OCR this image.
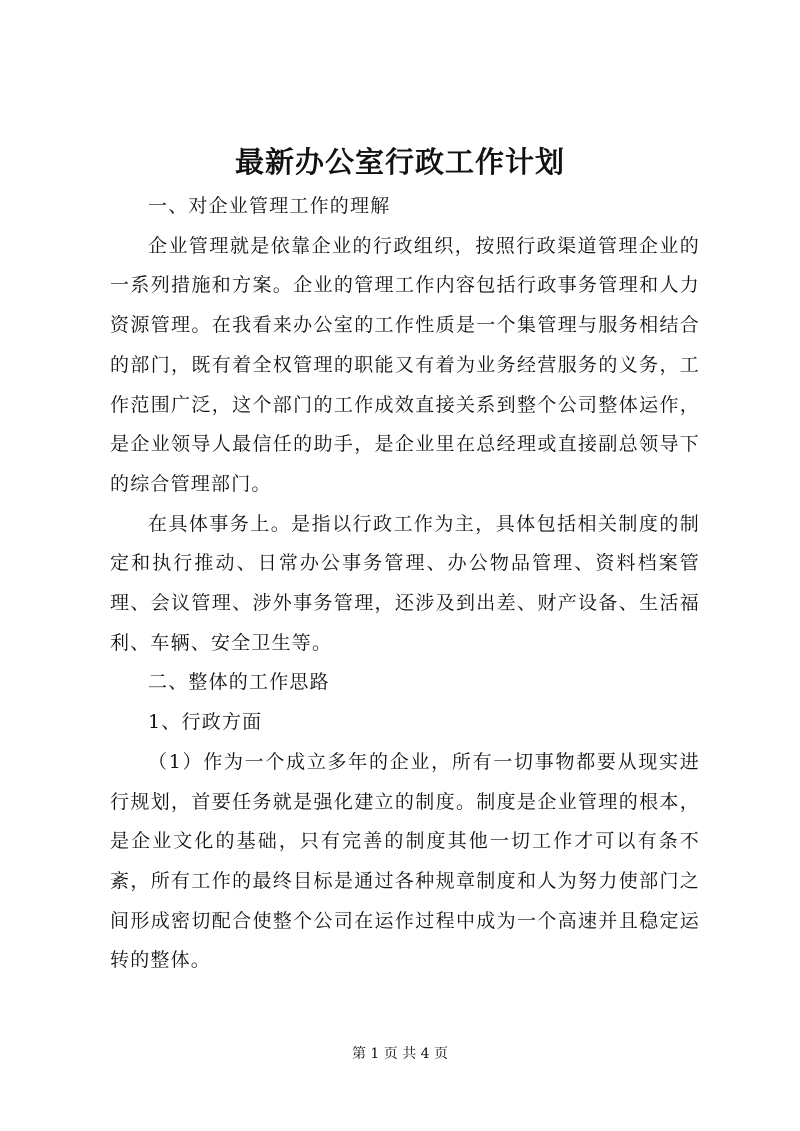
最新办公室行政工作计划

一、对企业管理工作的理解

企业管理就是依靠企业的行政组织，按照行政渠道管理企业的一系列措施和方案。企业的管理工作内容包括行政事务管理和人力资源管理。在我看来办公室的工作性质是一个集管理与服务相结合的部门，既有着全权管理的职能又有着为业务经营服务的义务，工作范围广泛，这个部门的工作成效直接关系到整个公司整体运作，是企业领导人最信任的助手，是企业里在总经理或直接副总领导下的综合管理部门。

在具体事务上。是指以行政工作为主，具体包括相关制度的制定和执行推动、日常办公事务管理、办公物品管理、资料档案管理、会议管理、涉外事务管理，还涉及到出差、财产设备、生活福利、车辆、安全卫生等。

二、整体的工作思路

1、行政方面

（1）作为一个成立多年的企业，所有一切事物都要从现实进行规划，首要任务就是强化建立的制度。制度是企业管理的根本，是企业文化的基础，只有完善的制度其他一切工作才可以有条不紊，所有工作的最终目标是通过各种规章制度和人为努力使部门之间形成密切配合使整个公司在运作过程中成为一个高速并且稳定运转的整体。

第 1 页 共 4 页
